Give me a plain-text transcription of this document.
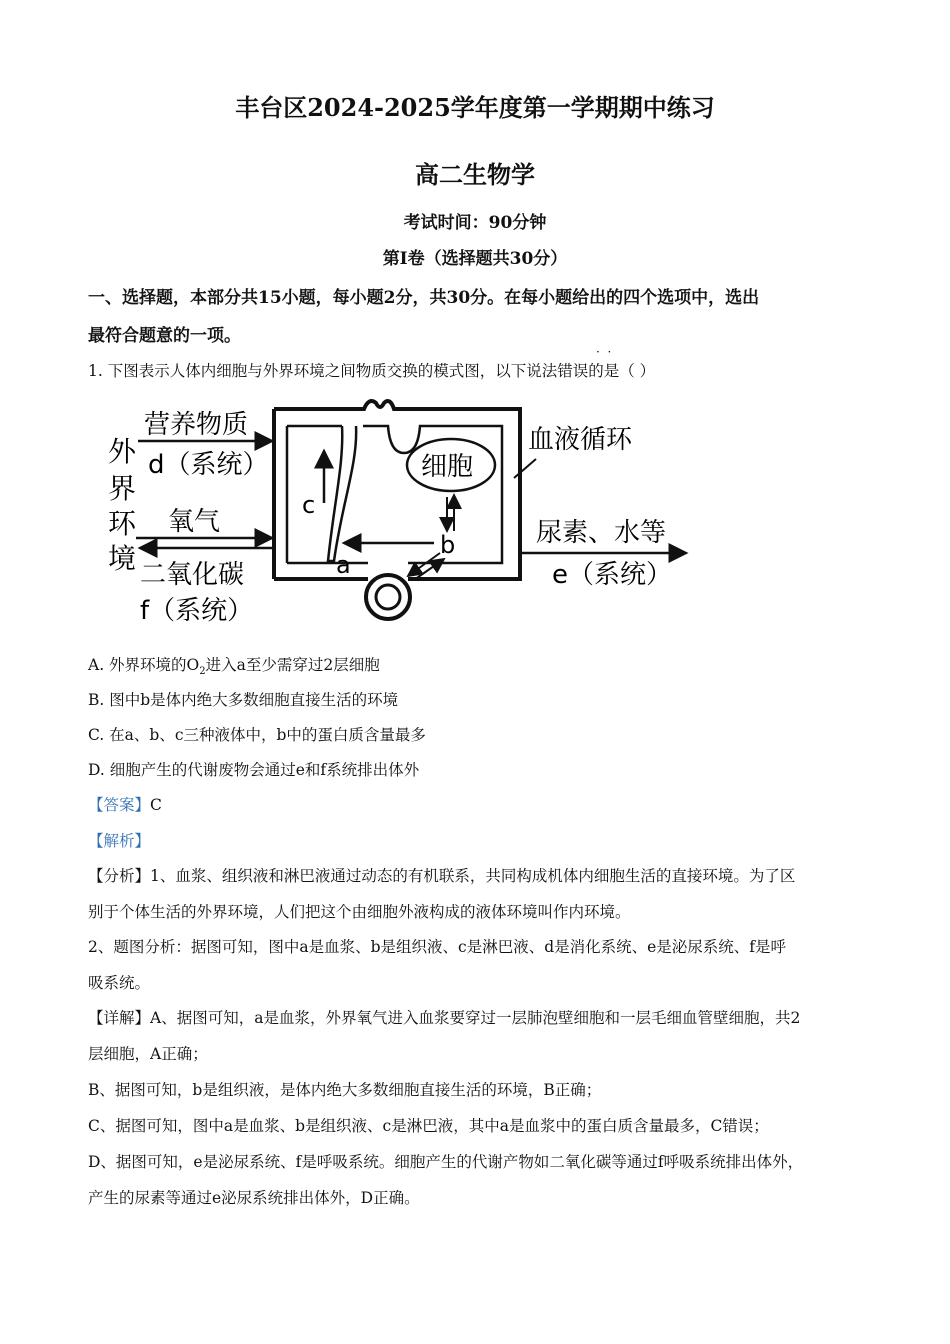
丰台区2024-2025学年度第一学期期中练习
高二生物学
考试时间：90分钟
第I卷（选择题共30分）
一、选择题，本部分共15小题，每小题2分，共30分。在每小题给出的四个选项中，选出
最符合题意的一项。
1. 下图表示人体内细胞与外界环境之间物质交换的模式图，以下说法错误的是（ ）
·  ·
外
界
环
境
营养物质
d（系统）
氧气
二氧化碳
f（系统）
血液循环
细胞
尿素、水等
e（系统）
a
b
c
A. 外界环境的$O_2$进入a至少需穿过2层细胞
B. 图中b是体内绝大多数细胞直接生活的环境
C. 在a、b、c三种液体中，b中的蛋白质含量最多
D. 细胞产生的代谢废物会通过e和f系统排出体外
【答案】C
【解析】
【分析】1、血浆、组织液和淋巴液通过动态的有机联系，共同构成机体内细胞生活的直接环境。为了区
别于个体生活的外界环境，人们把这个由细胞外液构成的液体环境叫作内环境。
2、题图分析：据图可知，图中a是血浆、b是组织液、c是淋巴液、d是消化系统、e是泌尿系统、f是呼
吸系统。
【详解】A、据图可知，a是血浆，外界氧气进入血浆要穿过一层肺泡壁细胞和一层毛细血管壁细胞，共2
层细胞，A正确；
B、据图可知，b是组织液，是体内绝大多数细胞直接生活的环境，B正确；
C、据图可知，图中a是血浆、b是组织液、c是淋巴液，其中a是血浆中的蛋白质含量最多，C错误；
D、据图可知，e是泌尿系统、f是呼吸系统。细胞产生的代谢产物如二氧化碳等通过f呼吸系统排出体外，
产生的尿素等通过e泌尿系统排出体外，D正确。
